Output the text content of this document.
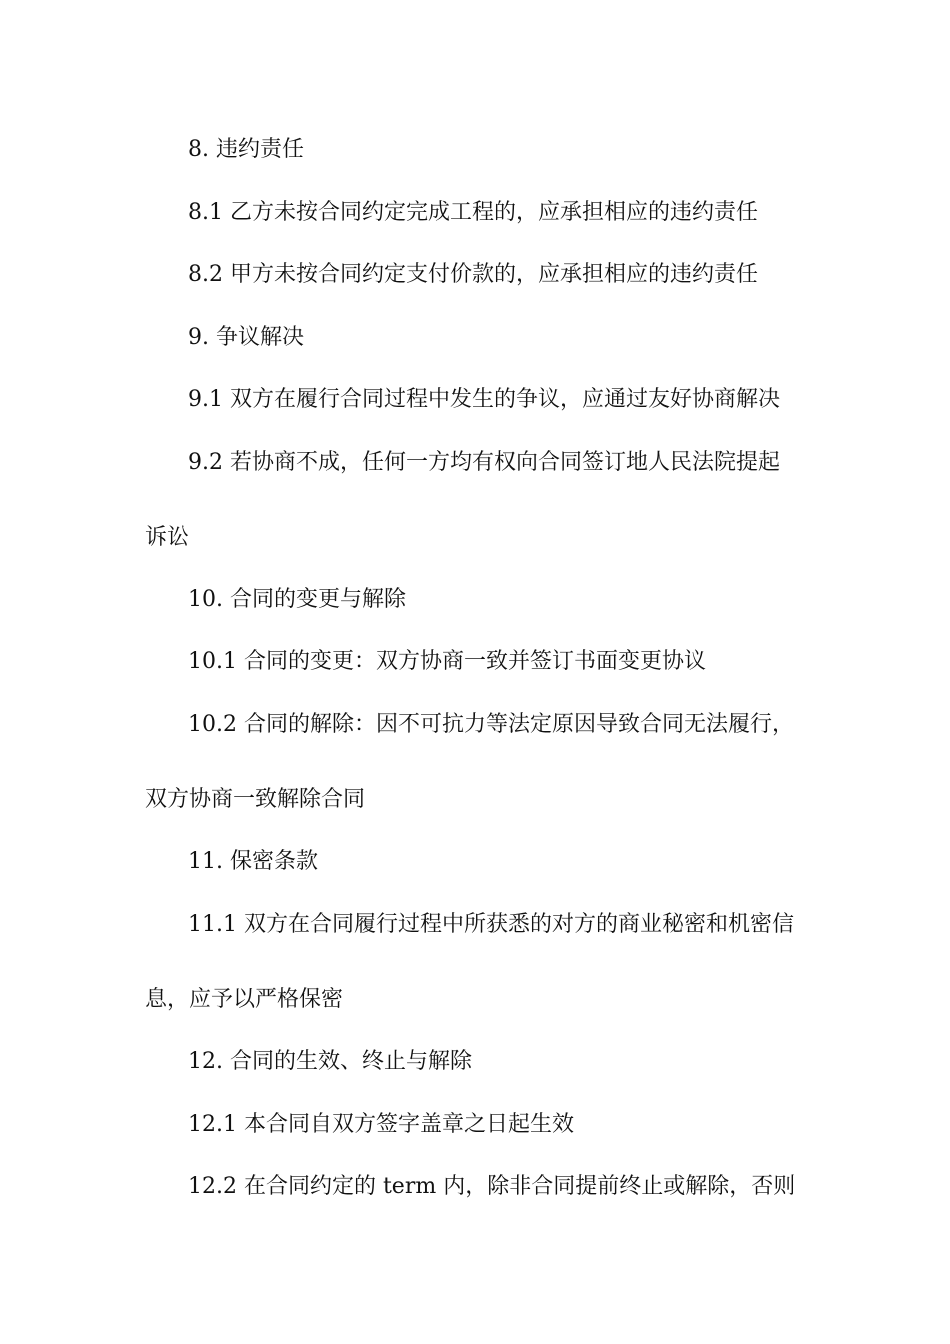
8. 违约责任
8.1 乙方未按合同约定完成工程的，应承担相应的违约责任
8.2 甲方未按合同约定支付价款的，应承担相应的违约责任
9. 争议解决
9.1 双方在履行合同过程中发生的争议，应通过友好协商解决
9.2 若协商不成，任何一方均有权向合同签订地人民法院提起
诉讼
10. 合同的变更与解除
10.1 合同的变更：双方协商一致并签订书面变更协议
10.2 合同的解除：因不可抗力等法定原因导致合同无法履行，
双方协商一致解除合同
11. 保密条款
11.1 双方在合同履行过程中所获悉的对方的商业秘密和机密信
息，应予以严格保密
12. 合同的生效、终止与解除
12.1 本合同自双方签字盖章之日起生效
12.2 在合同约定的 term 内，除非合同提前终止或解除，否则
